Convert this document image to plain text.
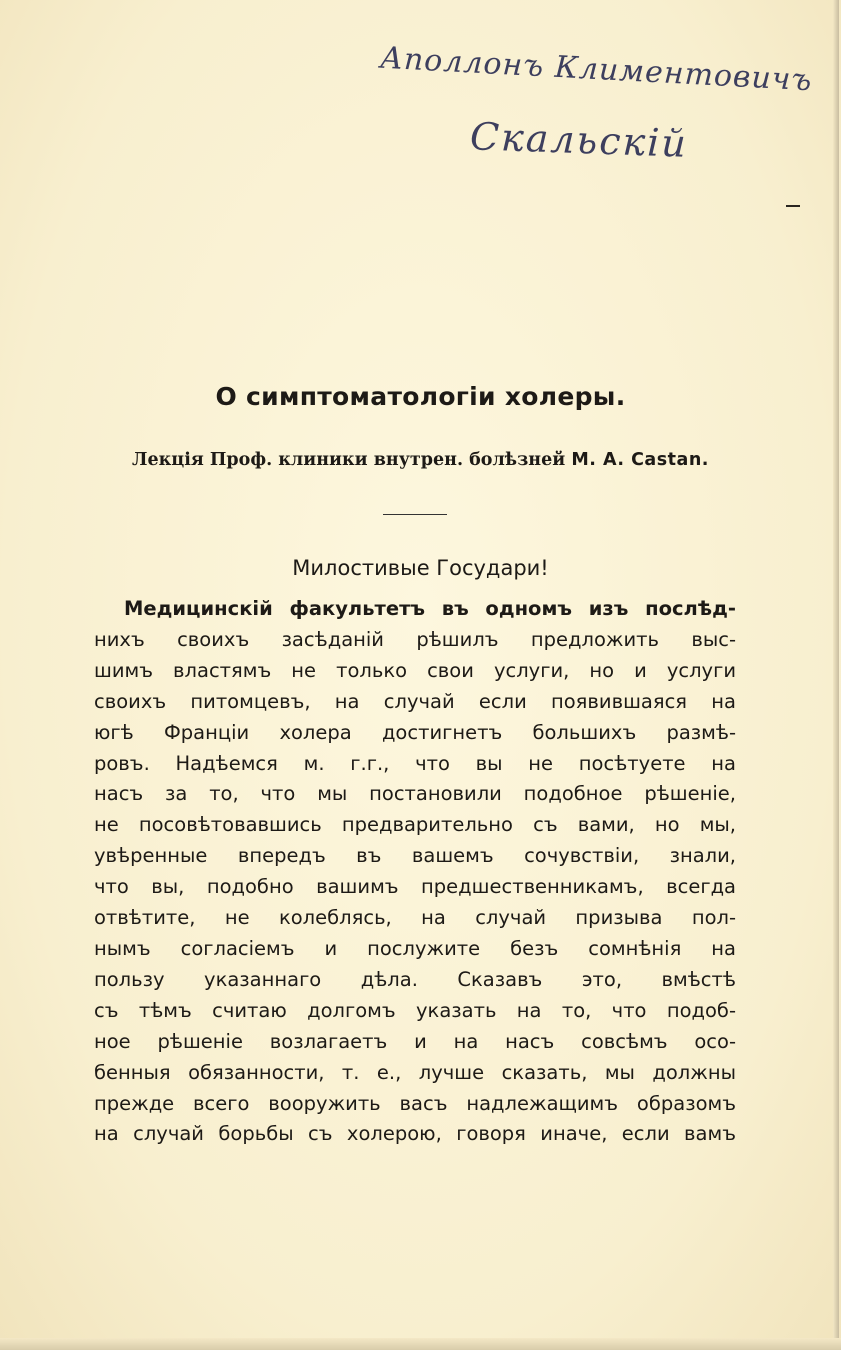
Аполлонъ Климентовичъ
Скальскій
О симптоматологіи холеры.
Лекція Проф. клиники внутрен. болѣзней M. A. Castan.
Милостивые Государи!
Медицинскій факультетъ въ одномъ изъ послѣд-
нихъ своихъ засѣданій рѣшилъ предложить выс-
шимъ властямъ не только свои услуги, но и услуги
своихъ питомцевъ, на случай если появившаяся на
югѣ Франціи холера достигнетъ большихъ размѣ-
ровъ. Надѣемся м. г.г., что вы не посѣтуете на
насъ за то, что мы постановили подобное рѣшеніе,
не посовѣтовавшись предварительно съ вами, но мы,
увѣренные впередъ въ вашемъ сочувствіи, знали,
что вы, подобно вашимъ предшественникамъ, всегда
отвѣтите, не колеблясь, на случай призыва пол-
нымъ согласіемъ и послужите безъ сомнѣнія на
пользу указаннаго дѣла. Сказавъ это, вмѣстѣ
съ тѣмъ считаю долгомъ указать на то, что подоб-
ное рѣшеніе возлагаетъ и на насъ совсѣмъ осо-
бенныя обязанности, т. е., лучше сказать, мы должны
прежде всего вооружить васъ надлежащимъ образомъ
на случай борьбы съ холерою, говоря иначе, если вамъ
